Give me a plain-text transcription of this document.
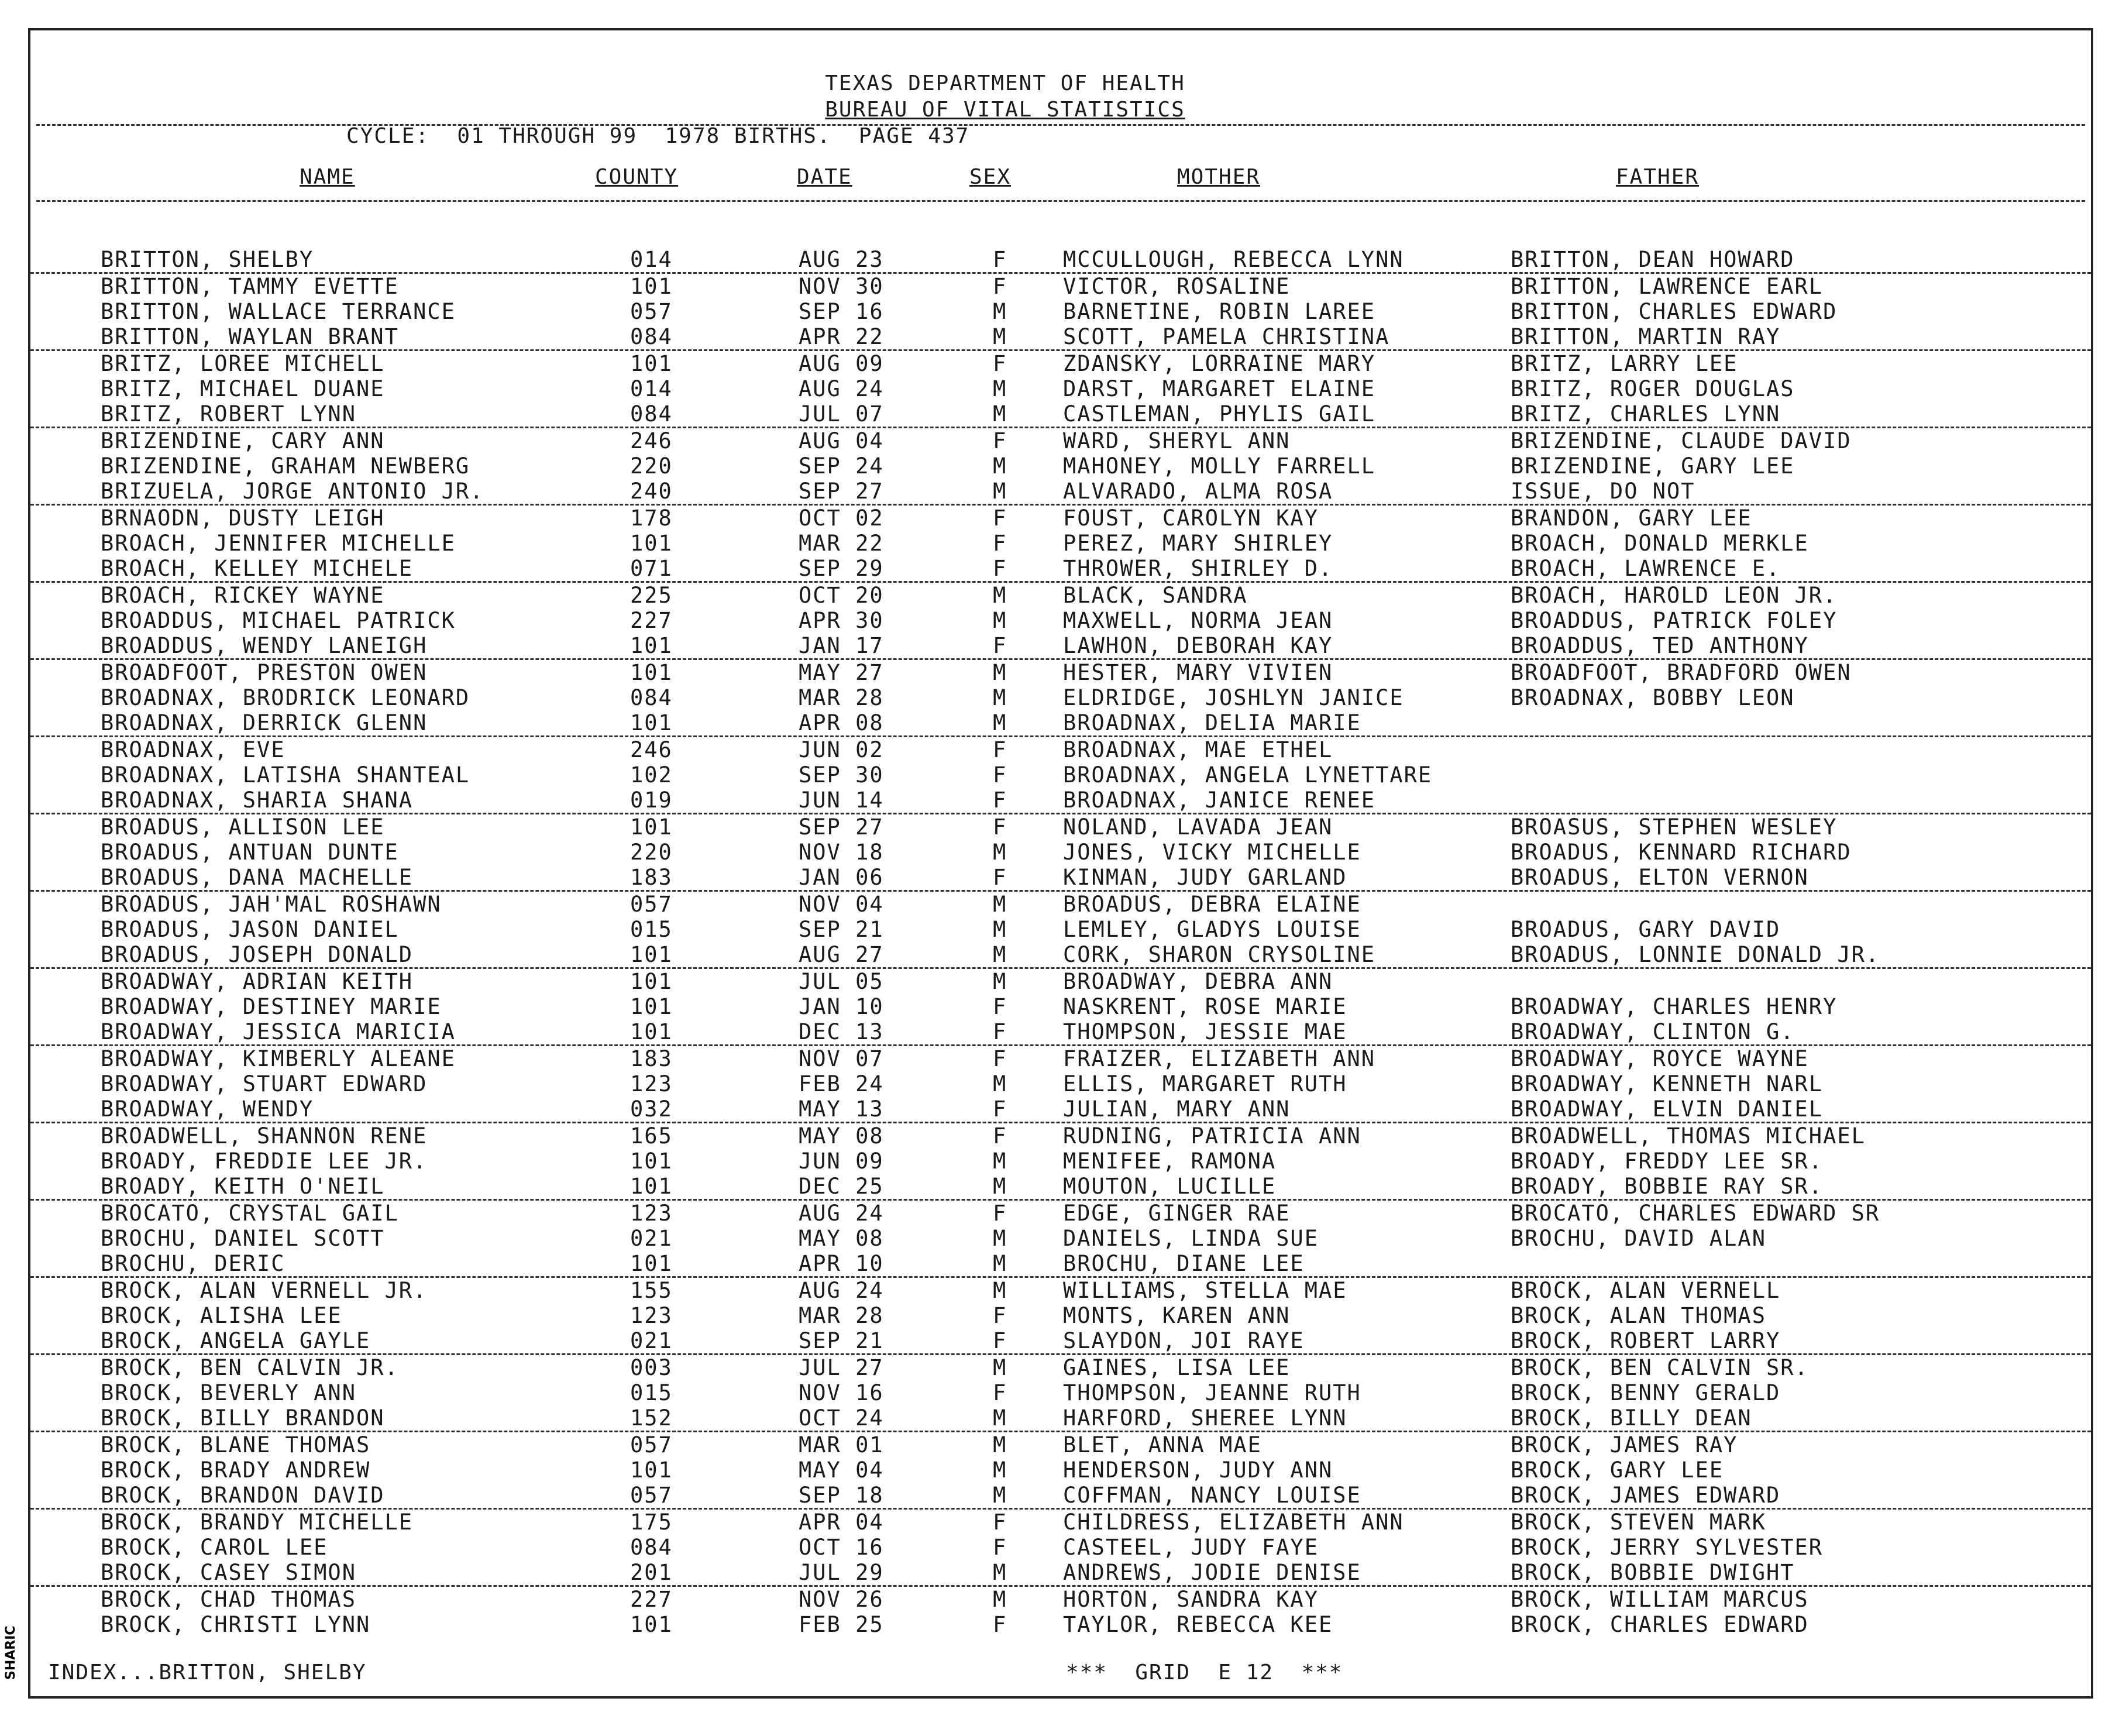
TEXAS DEPARTMENT OF HEALTH
BUREAU OF VITAL STATISTICS
CYCLE:  01 THROUGH 99  1978 BIRTHS.  PAGE 437
NAME	COUNTY	DATE	SEX	MOTHER	FATHER
BRITTON, SHELBY	014	AUG 23	F	MCCULLOUGH, REBECCA LYNN	BRITTON, DEAN HOWARD
BRITTON, TAMMY EVETTE	101	NOV 30	F	VICTOR, ROSALINE	BRITTON, LAWRENCE EARL
BRITTON, WALLACE TERRANCE	057	SEP 16	M	BARNETINE, ROBIN LAREE	BRITTON, CHARLES EDWARD
BRITTON, WAYLAN BRANT	084	APR 22	M	SCOTT, PAMELA CHRISTINA	BRITTON, MARTIN RAY
BRITZ, LOREE MICHELL	101	AUG 09	F	ZDANSKY, LORRAINE MARY	BRITZ, LARRY LEE
BRITZ, MICHAEL DUANE	014	AUG 24	M	DARST, MARGARET ELAINE	BRITZ, ROGER DOUGLAS
BRITZ, ROBERT LYNN	084	JUL 07	M	CASTLEMAN, PHYLIS GAIL	BRITZ, CHARLES LYNN
BRIZENDINE, CARY ANN	246	AUG 04	F	WARD, SHERYL ANN	BRIZENDINE, CLAUDE DAVID
BRIZENDINE, GRAHAM NEWBERG	220	SEP 24	M	MAHONEY, MOLLY FARRELL	BRIZENDINE, GARY LEE
BRIZUELA, JORGE ANTONIO JR.	240	SEP 27	M	ALVARADO, ALMA ROSA	ISSUE, DO NOT
BRNAODN, DUSTY LEIGH	178	OCT 02	F	FOUST, CAROLYN KAY	BRANDON, GARY LEE
BROACH, JENNIFER MICHELLE	101	MAR 22	F	PEREZ, MARY SHIRLEY	BROACH, DONALD MERKLE
BROACH, KELLEY MICHELE	071	SEP 29	F	THROWER, SHIRLEY D.	BROACH, LAWRENCE E.
BROACH, RICKEY WAYNE	225	OCT 20	M	BLACK, SANDRA	BROACH, HAROLD LEON JR.
BROADDUS, MICHAEL PATRICK	227	APR 30	M	MAXWELL, NORMA JEAN	BROADDUS, PATRICK FOLEY
BROADDUS, WENDY LANEIGH	101	JAN 17	F	LAWHON, DEBORAH KAY	BROADDUS, TED ANTHONY
BROADFOOT, PRESTON OWEN	101	MAY 27	M	HESTER, MARY VIVIEN	BROADFOOT, BRADFORD OWEN
BROADNAX, BRODRICK LEONARD	084	MAR 28	M	ELDRIDGE, JOSHLYN JANICE	BROADNAX, BOBBY LEON
BROADNAX, DERRICK GLENN	101	APR 08	M	BROADNAX, DELIA MARIE
BROADNAX, EVE	246	JUN 02	F	BROADNAX, MAE ETHEL
BROADNAX, LATISHA SHANTEAL	102	SEP 30	F	BROADNAX, ANGELA LYNETTARE
BROADNAX, SHARIA SHANA	019	JUN 14	F	BROADNAX, JANICE RENEE
BROADUS, ALLISON LEE	101	SEP 27	F	NOLAND, LAVADA JEAN	BROASUS, STEPHEN WESLEY
BROADUS, ANTUAN DUNTE	220	NOV 18	M	JONES, VICKY MICHELLE	BROADUS, KENNARD RICHARD
BROADUS, DANA MACHELLE	183	JAN 06	F	KINMAN, JUDY GARLAND	BROADUS, ELTON VERNON
BROADUS, JAH'MAL ROSHAWN	057	NOV 04	M	BROADUS, DEBRA ELAINE
BROADUS, JASON DANIEL	015	SEP 21	M	LEMLEY, GLADYS LOUISE	BROADUS, GARY DAVID
BROADUS, JOSEPH DONALD	101	AUG 27	M	CORK, SHARON CRYSOLINE	BROADUS, LONNIE DONALD JR.
BROADWAY, ADRIAN KEITH	101	JUL 05	M	BROADWAY, DEBRA ANN
BROADWAY, DESTINEY MARIE	101	JAN 10	F	NASKRENT, ROSE MARIE	BROADWAY, CHARLES HENRY
BROADWAY, JESSICA MARICIA	101	DEC 13	F	THOMPSON, JESSIE MAE	BROADWAY, CLINTON G.
BROADWAY, KIMBERLY ALEANE	183	NOV 07	F	FRAIZER, ELIZABETH ANN	BROADWAY, ROYCE WAYNE
BROADWAY, STUART EDWARD	123	FEB 24	M	ELLIS, MARGARET RUTH	BROADWAY, KENNETH NARL
BROADWAY, WENDY	032	MAY 13	F	JULIAN, MARY ANN	BROADWAY, ELVIN DANIEL
BROADWELL, SHANNON RENE	165	MAY 08	F	RUDNING, PATRICIA ANN	BROADWELL, THOMAS MICHAEL
BROADY, FREDDIE LEE JR.	101	JUN 09	M	MENIFEE, RAMONA	BROADY, FREDDY LEE SR.
BROADY, KEITH O'NEIL	101	DEC 25	M	MOUTON, LUCILLE	BROADY, BOBBIE RAY SR.
BROCATO, CRYSTAL GAIL	123	AUG 24	F	EDGE, GINGER RAE	BROCATO, CHARLES EDWARD SR
BROCHU, DANIEL SCOTT	021	MAY 08	M	DANIELS, LINDA SUE	BROCHU, DAVID ALAN
BROCHU, DERIC	101	APR 10	M	BROCHU, DIANE LEE
BROCK, ALAN VERNELL JR.	155	AUG 24	M	WILLIAMS, STELLA MAE	BROCK, ALAN VERNELL
BROCK, ALISHA LEE	123	MAR 28	F	MONTS, KAREN ANN	BROCK, ALAN THOMAS
BROCK, ANGELA GAYLE	021	SEP 21	F	SLAYDON, JOI RAYE	BROCK, ROBERT LARRY
BROCK, BEN CALVIN JR.	003	JUL 27	M	GAINES, LISA LEE	BROCK, BEN CALVIN SR.
BROCK, BEVERLY ANN	015	NOV 16	F	THOMPSON, JEANNE RUTH	BROCK, BENNY GERALD
BROCK, BILLY BRANDON	152	OCT 24	M	HARFORD, SHEREE LYNN	BROCK, BILLY DEAN
BROCK, BLANE THOMAS	057	MAR 01	M	BLET, ANNA MAE	BROCK, JAMES RAY
BROCK, BRADY ANDREW	101	MAY 04	M	HENDERSON, JUDY ANN	BROCK, GARY LEE
BROCK, BRANDON DAVID	057	SEP 18	M	COFFMAN, NANCY LOUISE	BROCK, JAMES EDWARD
BROCK, BRANDY MICHELLE	175	APR 04	F	CHILDRESS, ELIZABETH ANN	BROCK, STEVEN MARK
BROCK, CAROL LEE	084	OCT 16	F	CASTEEL, JUDY FAYE	BROCK, JERRY SYLVESTER
BROCK, CASEY SIMON	201	JUL 29	M	ANDREWS, JODIE DENISE	BROCK, BOBBIE DWIGHT
BROCK, CHAD THOMAS	227	NOV 26	M	HORTON, SANDRA KAY	BROCK, WILLIAM MARCUS
BROCK, CHRISTI LYNN	101	FEB 25	F	TAYLOR, REBECCA KEE	BROCK, CHARLES EDWARD
INDEX...BRITTON, SHELBY	***  GRID  E 12  ***
SHARIC
